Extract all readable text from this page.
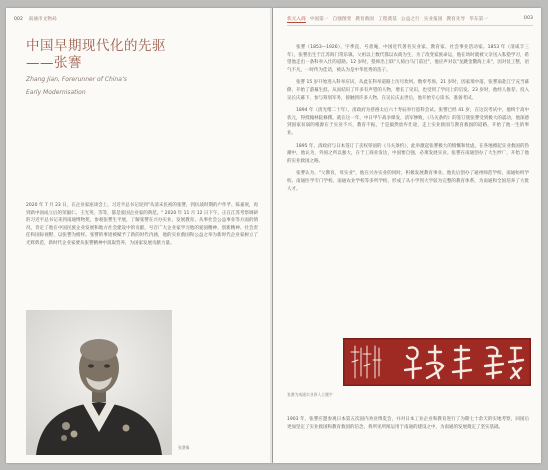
002 南通市文物局
中国早期现代化的先驱
——张謇
Zhang Jian, Forerunner of China’s
Early Modernisation
2020 年 7 月 23 日，在企业家座谈会上，习近平总书记说到"从清末民初的张謇，到抗战时期的卢作孚、陈嘉庚，再到新中国成立后的荣毅仁、王光英，等等，都是爱国企业家的典范。" 2020 年 11 月 12 日下午，正在江苏考察调研的习近平总书记来到南通博物苑，参观张謇生平展，了解张謇在兴办实业、发展教育、从事社会公益事业等方面的情况，肯定了他在中国民族企业发展和地方社会建设中的贡献，号召广大企业家学习他的爱国精神、创新精神、社会责任和国际视野，以张謇为榜样。张謇的事迹被赋予了新的时代内涵，他的实业救国和公益之举为新时代企业家树立了光辉典范，新时代企业家要从张謇精神中汲取营养，为国家发展贡献力量。
张謇像
状元入商 中国第一 自强图变 教育救国 工程奠基 公益之行 实业报国 教育先导 华东第一	003

张謇（1853—1926），字季直，号啬庵，中国近代著名实业家、教育家、社会事业活动家。1853 年（清咸丰三年），张謇出生于江苏海门常乐镇。父祖以上数代都以农商为生，为了改变家族命运，他在幼时就被父亲送入私塾学习，希望他走出一条科举入仕的道路。12 岁时，塾师出上联"人骑白马门前过"，他应声对以"龙跳金鳌海上来"，因对仗工整，语气不凡，一时传为佳话，被认为是中华优秀的苗子。

张謇 15 岁开始进入科举应试，从此在科举道路上历尽坎坷。数奉考场，21 岁时，因家境中落，张謇南赴江宁充当幕僚，开始了游幕生涯。从而结识了许多有声望的人物，增长了见识，也受到了学问上的启发。23 岁时，他经人推荐，投入吴长庆幕下，参与筹划军务，接触到许多人物，在吴长庆去世后，他开始专心读书，准备考试。

1894 年（清光绪二十年），清政府为慈禧太后六十寿辰举行恩科会试。张謇已经 41 岁，在这次考试中，他终于高中状元，得授翰林院修撰。就在这一年，中日甲午战争爆发，清军惨败，《马关条约》的签订使张謇受到极大的震动，他深感到国家贫弱的根源在于实业不兴，教育不振，于是毅然放弃仕途，走上实业救国与教育救国的道路，开始了他一生的事业。

1895 年，清政府与日本签订了丧权辱国的《马关条约》，此举激起张謇极大的愤慨和忧虑。在各地掀起实业救国的热潮中，他认为，外国之所以强大，在于工商业发达，中国要自强，必须发展实业。张謇在南通创办了大生纱厂，开始了他的实业救国之路。

张謇认为，"父教育，母实业"，他在兴办实业的同时，积极发展教育事业。他先后创办了通州师范学校、南通纺织学校、南通医学专门学校、南通农业学校等多所学校，形成了从小学到大学较为完整的教育体系，为南通和全国培养了大批人才。

张謇为南通实业界人士题字
1903 年，张謇应邀参观日本第五次国内劝业博览会，并对日本工业企业和教育进行了为期七十余天的实地考察，回国后更加坚定了实业救国和教育救国的信念，将所见所闻运用于南通的建设之中，为南通的发展奠定了坚实基础。
